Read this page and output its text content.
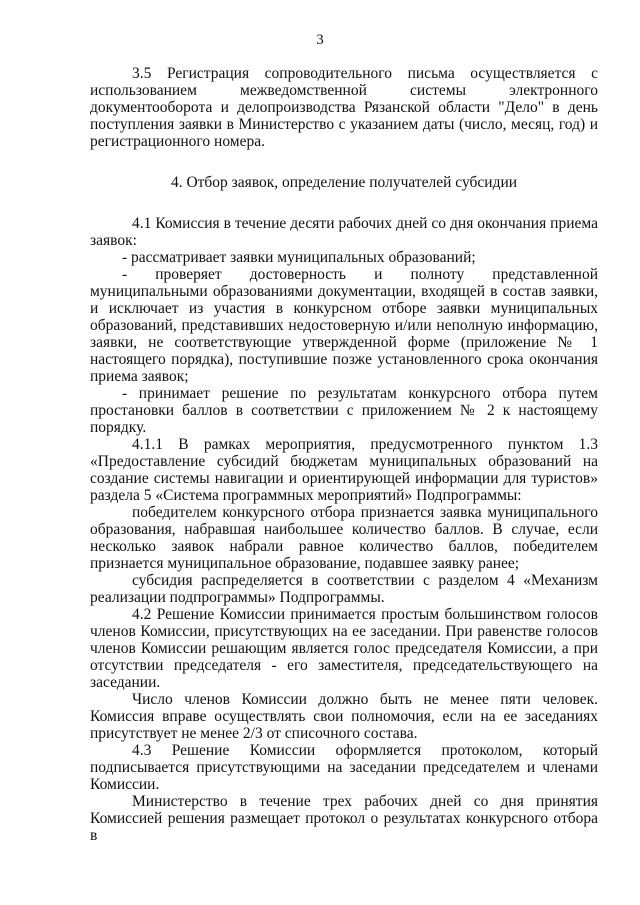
3

3.5 Регистрация сопроводительного письма осуществляется с использованием межведомственной системы электронного документооборота и делопроизводства Рязанской области "Дело" в день поступления заявки в Министерство с указанием даты (число, месяц, год) и регистрационного номера.

4. Отбор заявок, определение получателей субсидии

4.1 Комиссия в течение десяти рабочих дней со дня окончания приема заявок:

- рассматривает заявки муниципальных образований;

- проверяет достоверность и полноту представленной муниципальными образованиями документации, входящей в состав заявки, и исключает из участия в конкурсном отборе заявки муниципальных образований, представивших недостоверную и/или неполную информацию, заявки, не соответствующие утвержденной форме (приложение № 1 настоящего порядка), поступившие позже установленного срока окончания приема заявок;

- принимает решение по результатам конкурсного отбора путем простановки баллов в соответствии с приложением № 2 к настоящему порядку.

4.1.1 В рамках мероприятия, предусмотренного пунктом 1.3 «Предоставление субсидий бюджетам муниципальных образований на создание системы навигации и ориентирующей информации для туристов» раздела 5 «Система программных мероприятий» Подпрограммы:

победителем конкурсного отбора признается заявка муниципального образования, набравшая наибольшее количество баллов. В случае, если несколько заявок набрали равное количество баллов, победителем признается муниципальное образование, подавшее заявку ранее;

субсидия распределяется в соответствии с разделом 4 «Механизм реализации подпрограммы» Подпрограммы.

4.2 Решение Комиссии принимается простым большинством голосов членов Комиссии, присутствующих на ее заседании. При равенстве голосов членов Комиссии решающим является голос председателя Комиссии, а при отсутствии председателя - его заместителя, председательствующего на заседании.

Число членов Комиссии должно быть не менее пяти человек. Комиссия вправе осуществлять свои полномочия, если на ее заседаниях присутствует не менее 2/3 от списочного состава.

4.3 Решение Комиссии оформляется протоколом, который подписывается присутствующими на заседании председателем и членами Комиссии.

Министерство в течение трех рабочих дней со дня принятия Комиссией решения размещает протокол о результатах конкурсного отбора в
